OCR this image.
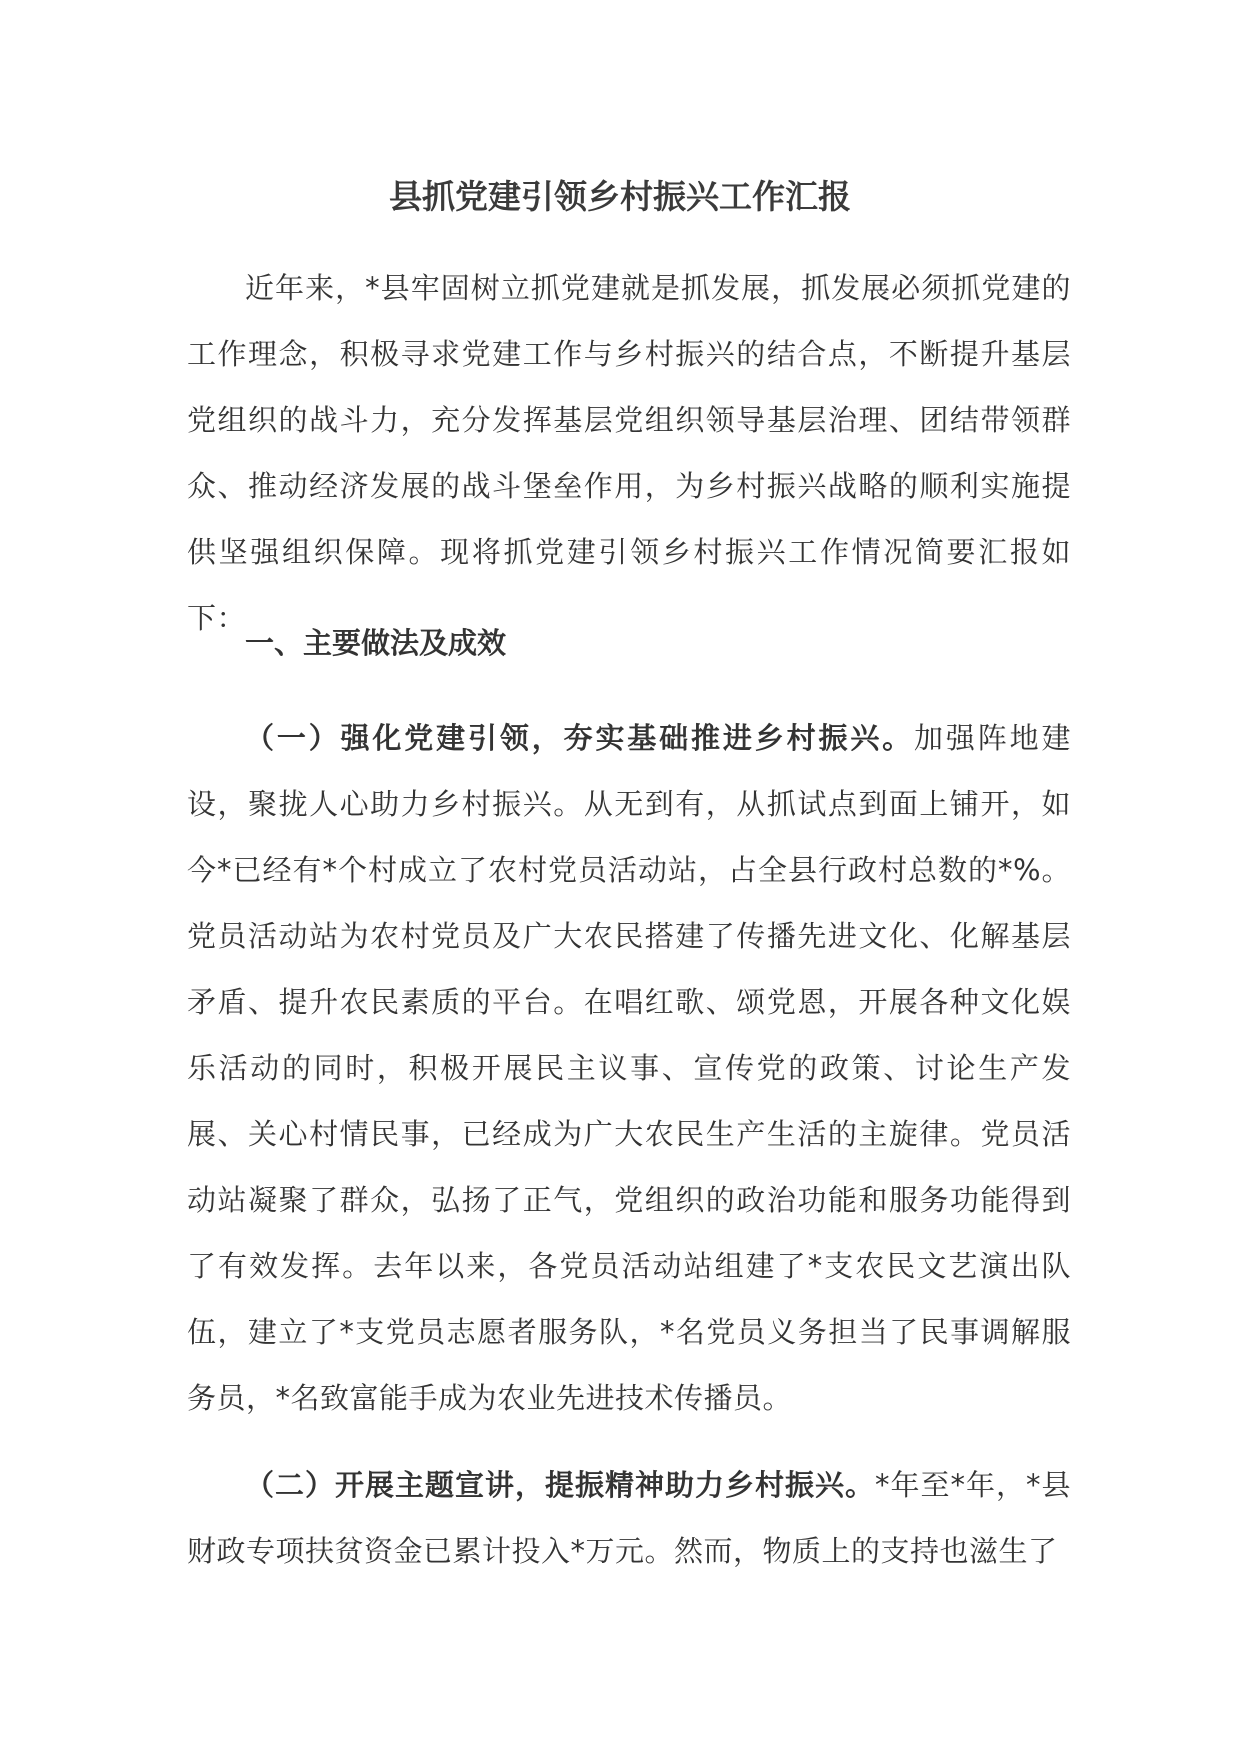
县抓党建引领乡村振兴工作汇报

近年来，*县牢固树立抓党建就是抓发展，抓发展必须抓党建的工作理念，积极寻求党建工作与乡村振兴的结合点，不断提升基层党组织的战斗力，充分发挥基层党组织领导基层治理、团结带领群众、推动经济发展的战斗堡垒作用，为乡村振兴战略的顺利实施提供坚强组织保障。现将抓党建引领乡村振兴工作情况简要汇报如下：

一、主要做法及成效

（一）强化党建引领，夯实基础推进乡村振兴。加强阵地建设，聚拢人心助力乡村振兴。从无到有，从抓试点到面上铺开，如今*已经有*个村成立了农村党员活动站，占全县行政村总数的*%。党员活动站为农村党员及广大农民搭建了传播先进文化、化解基层矛盾、提升农民素质的平台。在唱红歌、颂党恩，开展各种文化娱乐活动的同时，积极开展民主议事、宣传党的政策、讨论生产发展、关心村情民事，已经成为广大农民生产生活的主旋律。党员活动站凝聚了群众，弘扬了正气，党组织的政治功能和服务功能得到了有效发挥。去年以来，各党员活动站组建了*支农民文艺演出队伍，建立了*支党员志愿者服务队，*名党员义务担当了民事调解服务员，*名致富能手成为农业先进技术传播员。

（二）开展主题宣讲，提振精神助力乡村振兴。*年至*年，*县财政专项扶贫资金已累计投入*万元。然而，物质上的支持也滋生了
